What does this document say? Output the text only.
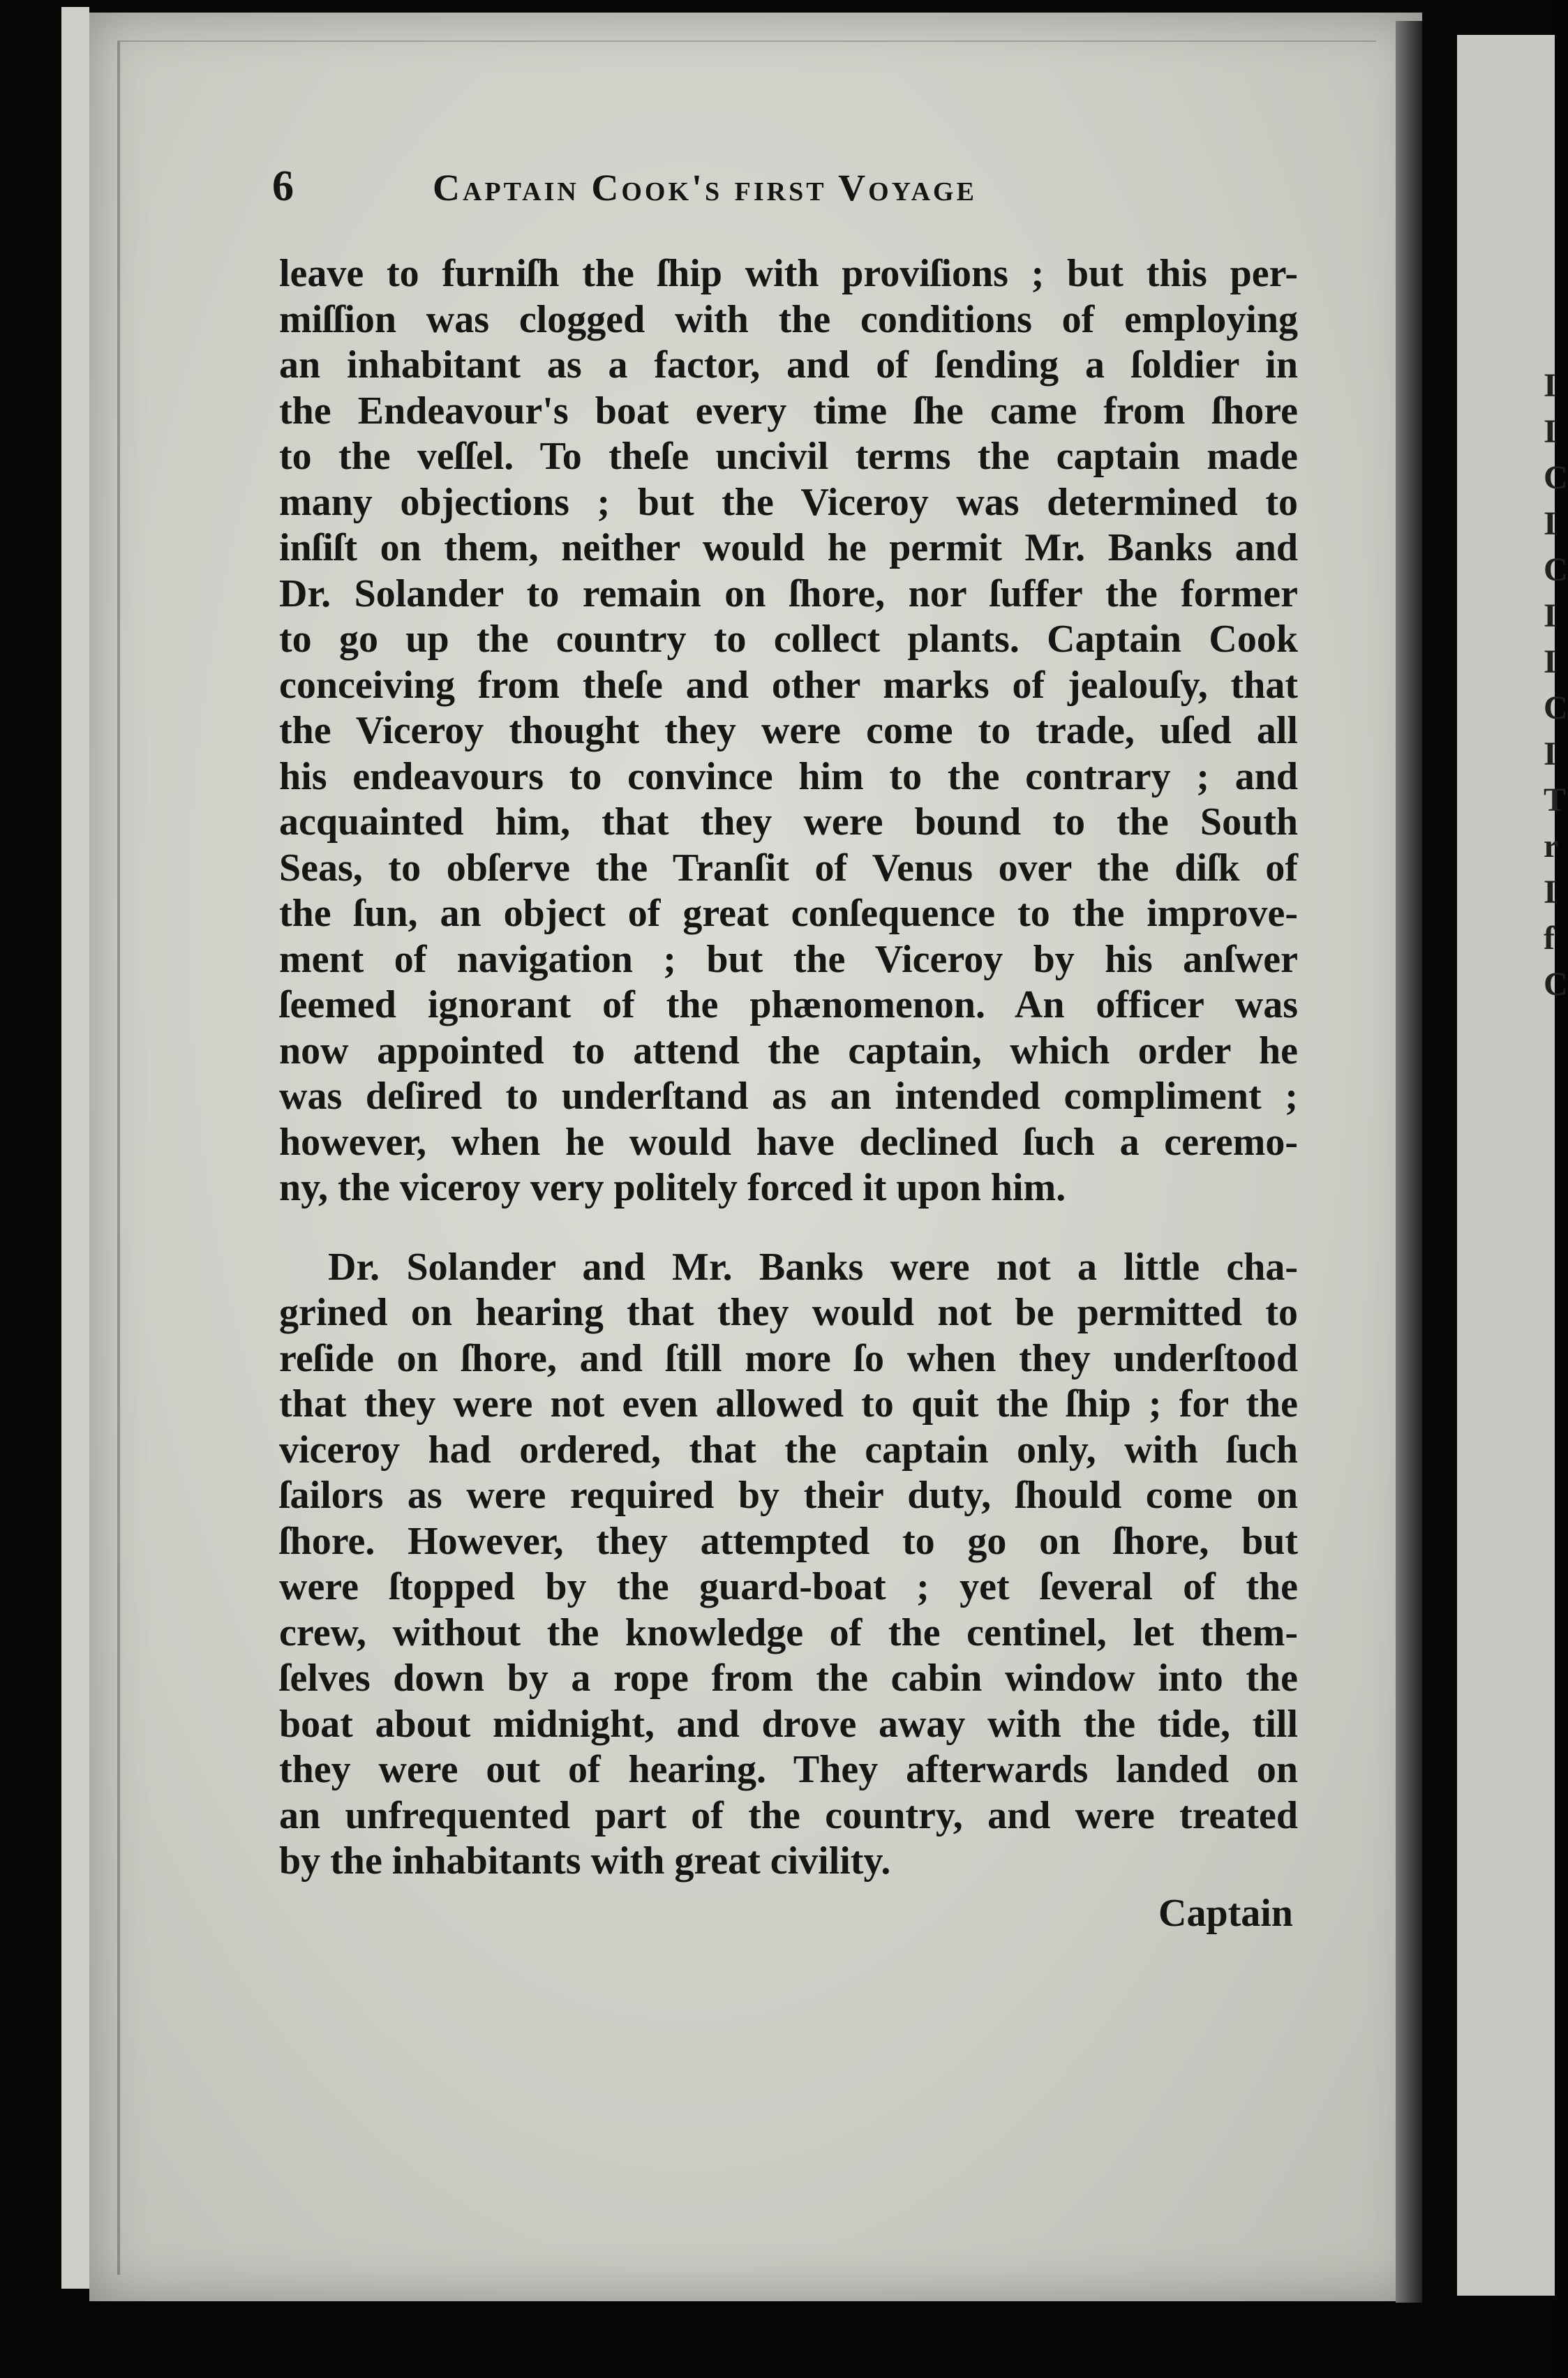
I
I
C
I
C
I
I
C
I
T
r
I
f
C
6	Captain Cook's first Voyage
leave to furniſh the ſhip with proviſions ; but this per-
miſſion was clogged with the conditions of employing
an inhabitant as a factor, and of ſending a ſoldier in
the Endeavour's boat every time ſhe came from ſhore
to the veſſel. To theſe uncivil terms the captain made
many objections ; but the Viceroy was determined to
inſiſt on them, neither would he permit Mr. Banks and
Dr. Solander to remain on ſhore, nor ſuffer the former
to go up the country to collect plants. Captain Cook
conceiving from theſe and other marks of jealouſy, that
the Viceroy thought they were come to trade, uſed all
his endeavours to convince him to the contrary ; and
acquainted him, that they were bound to the South
Seas, to obſerve the Tranſit of Venus over the diſk of
the ſun, an object of great conſequence to the improve-
ment of navigation ; but the Viceroy by his anſwer
ſeemed ignorant of the phænomenon. An officer was
now appointed to attend the captain, which order he
was deſired to underſtand as an intended compliment ;
however, when he would have declined ſuch a ceremo-
ny, the viceroy very politely forced it upon him.
Dr. Solander and Mr. Banks were not a little cha-
grined on hearing that they would not be permitted to
reſide on ſhore, and ſtill more ſo when they underſtood
that they were not even allowed to quit the ſhip ; for the
viceroy had ordered, that the captain only, with ſuch
ſailors as were required by their duty, ſhould come on
ſhore. However, they attempted to go on ſhore, but
were ſtopped by the guard-boat ; yet ſeveral of the
crew, without the knowledge of the centinel, let them-
ſelves down by a rope from the cabin window into the
boat about midnight, and drove away with the tide, till
they were out of hearing. They afterwards landed on
an unfrequented part of the country, and were treated
by the inhabitants with great civility.
Captain
